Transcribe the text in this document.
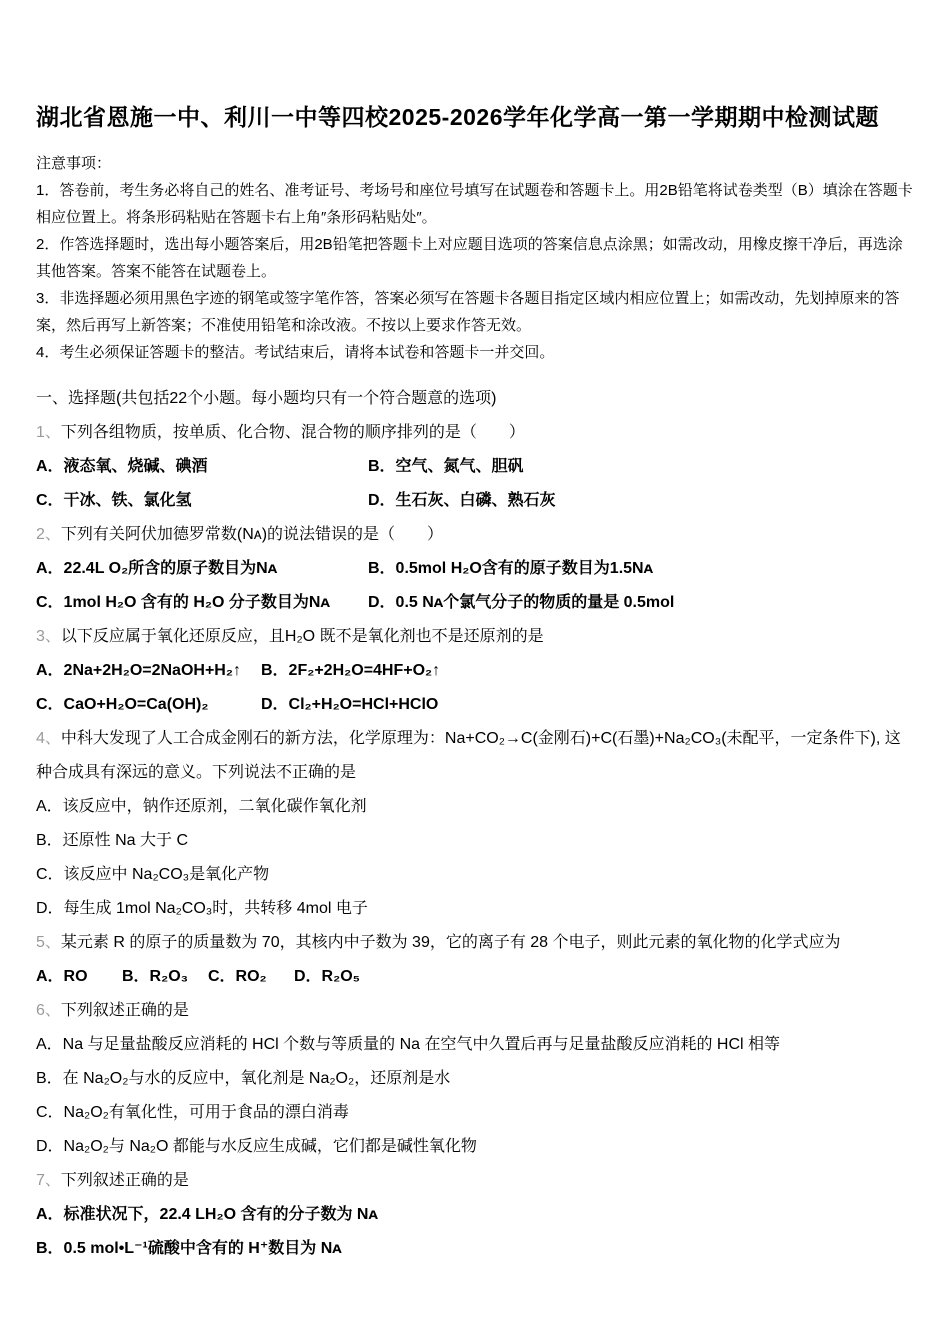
湖北省恩施一中、利川一中等四校2025-2026学年化学高一第一学期期中检测试题

注意事项：

1．答卷前，考生务必将自己的姓名、准考证号、考场号和座位号填写在试题卷和答题卡上。用2B铅笔将试卷类型（B）填涂在答题卡相应位置上。将条形码粘贴在答题卡右上角″条形码粘贴处″。

2．作答选择题时，选出每小题答案后，用2B铅笔把答题卡上对应题目选项的答案信息点涂黑；如需改动，用橡皮擦干净后，再选涂其他答案。答案不能答在试题卷上。

3．非选择题必须用黑色字迹的钢笔或签字笔作答，答案必须写在答题卡各题目指定区域内相应位置上；如需改动，先划掉原来的答案，然后再写上新答案；不准使用铅笔和涂改液。不按以上要求作答无效。

4．考生必须保证答题卡的整洁。考试结束后，请将本试卷和答题卡一并交回。

一、选择题(共包括22个小题。每小题均只有一个符合题意的选项)

1、下列各组物质，按单质、化合物、混合物的顺序排列的是（　　）

A．液态氧、烧碱、碘酒	B．空气、氮气、胆矾
C．干冰、铁、氯化氢	D．生石灰、白磷、熟石灰

2、下列有关阿伏加德罗常数(Nᴀ)的说法错误的是（　　）

A．22.4L O₂所含的原子数目为Nᴀ	B．0.5mol H₂O含有的原子数目为1.5Nᴀ
C．1mol H₂O 含有的 H₂O 分子数目为Nᴀ	D．0.5 Nᴀ个氯气分子的物质的量是 0.5mol

3、以下反应属于氧化还原反应，且H₂O 既不是氧化剂也不是还原剂的是

A．2Na+2H₂O=2NaOH+H₂↑	B．2F₂+2H₂O=4HF+O₂↑
C．CaO+H₂O=Ca(OH)₂	D．Cl₂+H₂O=HCl+HClO

4、中科大发现了人工合成金刚石的新方法，化学原理为：Na+CO₂→C(金刚石)+C(石墨)+Na₂CO₃(未配平，一定条件下), 这种合成具有深远的意义。下列说法不正确的是

A．该反应中，钠作还原剂，二氧化碳作氧化剂

B．还原性 Na 大于 C

C．该反应中 Na₂CO₃是氧化产物

D．每生成 1mol Na₂CO₃时，共转移 4mol 电子

5、某元素 R 的原子的质量数为 70，其核内中子数为 39，它的离子有 28 个电子，则此元素的氧化物的化学式应为

A．RO	B．R₂O₃	C．RO₂	D．R₂O₅

6、下列叙述正确的是

A．Na 与足量盐酸反应消耗的 HCl 个数与等质量的 Na 在空气中久置后再与足量盐酸反应消耗的 HCl 相等

B．在 Na₂O₂与水的反应中，氧化剂是 Na₂O₂，还原剂是水

C．Na₂O₂有氧化性，可用于食品的漂白消毒

D．Na₂O₂与 Na₂O 都能与水反应生成碱，它们都是碱性氧化物

7、下列叙述正确的是

A．标准状况下，22.4 LH₂O 含有的分子数为 Nᴀ

B．0.5 mol•L⁻¹硫酸中含有的 H⁺数目为 Nᴀ
